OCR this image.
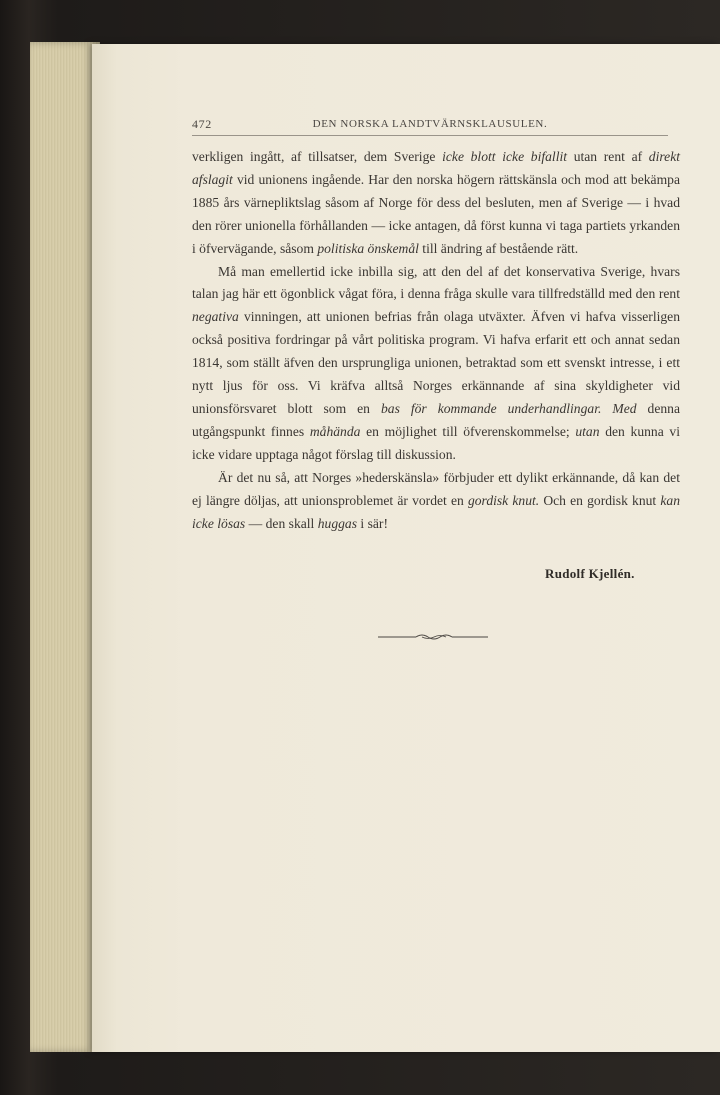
472	DEN NORSKA LANDTVÄRNSKLAUSULEN.

verkligen ingått, af tillsatser, dem Sverige icke blott icke bifallit utan rent af direkt afslagit vid unionens ingående. Har den norska högern rättskänsla och mod att bekämpa 1885 års värnepliktslag såsom af Norge för dess del besluten, men af Sverige — i hvad den rörer unionella förhållanden — icke antagen, då först kunna vi taga partiets yrkanden i öfvervägande, såsom politiska önskemål till ändring af bestående rätt.

Må man emellertid icke inbilla sig, att den del af det konservativa Sverige, hvars talan jag här ett ögonblick vågat föra, i denna fråga skulle vara tillfredställd med den rent negativa vinningen, att unionen befrias från olaga utväxter. Äfven vi hafva visserligen också positiva fordringar på vårt politiska program. Vi hafva erfarit ett och annat sedan 1814, som ställt äfven den ursprungliga unionen, betraktad som ett svenskt intresse, i ett nytt ljus för oss. Vi kräfva alltså Norges erkännande af sina skyldigheter vid unionsförsvaret blott som en bas för kommande underhandlingar. Med denna utgångspunkt finnes måhända en möjlighet till öfverenskommelse; utan den kunna vi icke vidare upptaga något förslag till diskussion.

Är det nu så, att Norges »hederskänsla» förbjuder ett dylikt erkännande, då kan det ej längre döljas, att unionsproblemet är vordet en gordisk knut. Och en gordisk knut kan icke lösas — den skall huggas i sär!

Rudolf Kjellén.
